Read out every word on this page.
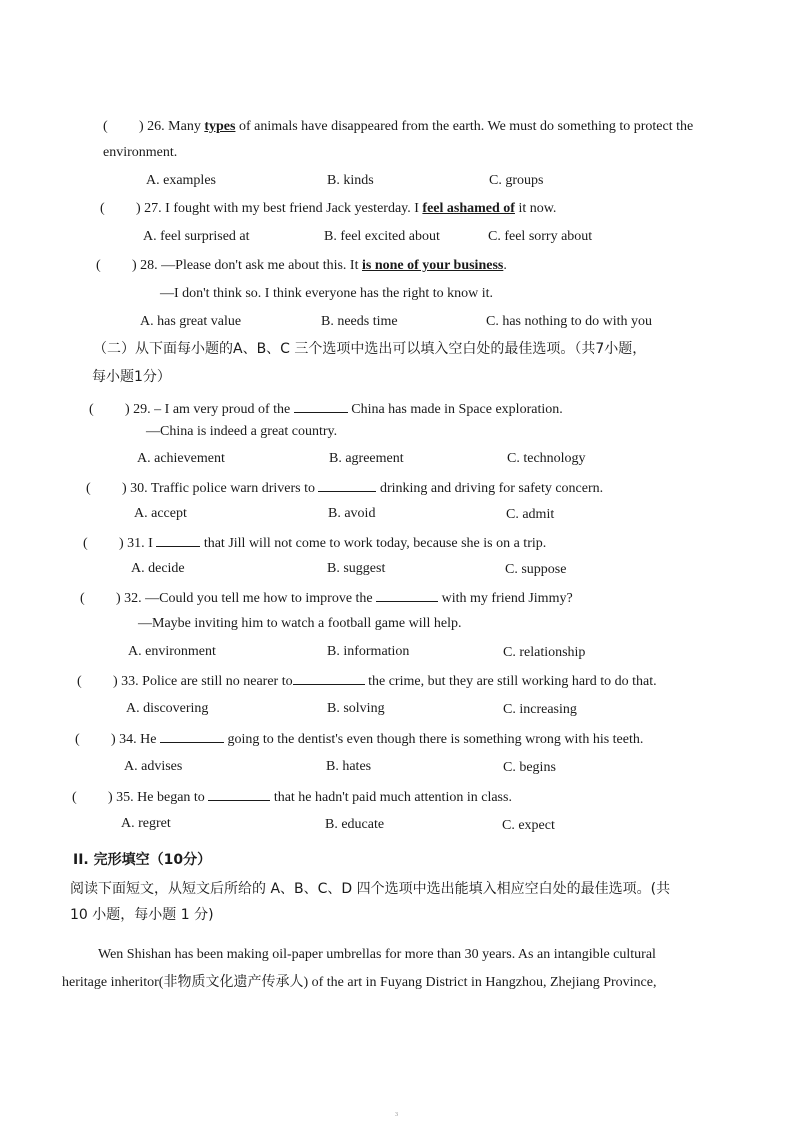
( ) 26. Many types of animals have disappeared from the earth. We must do something to protect the
environment.
A. examples	B. kinds	C. groups
( ) 27. I fought with my best friend Jack yesterday. I feel ashamed of it now.
A. feel surprised at	B. feel excited about	C. feel sorry about
( ) 28. —Please don't ask me about this. It is none of your business.
—I don't think so. I think everyone has the right to know it.
A. has great value	B. needs time	C. has nothing to do with you
（二）从下面每小题的A、B、C 三个选项中选出可以填入空白处的最佳选项。（共7小题，
每小题1分）
( ) 29. – I am very proud of the	China has made in Space exploration.
—China is indeed a great country.
A. achievement	B. agreement	C. technology
( ) 30. Traffic police warn drivers to	drinking and driving for safety concern.
A. accept	B. avoid	C. admit
( ) 31. I	that Jill will not come to work today, because she is on a trip.
A. decide	B. suggest	C. suppose
( ) 32. —Could you tell me how to improve the	with my friend Jimmy?
—Maybe inviting him to watch a football game will help.
A. environment	B. information	C. relationship
( ) 33. Police are still no nearer to	the crime, but they are still working hard to do that.
A. discovering	B. solving	C. increasing
( ) 34. He	going to the dentist's even though there is something wrong with his teeth.
A. advises	B. hates	C. begins
( ) 35. He began to	that he hadn't paid much attention in class.
A. regret	B. educate	C. expect
II. 完形填空（10分）
阅读下面短文，从短文后所给的 A、B、C、D 四个选项中选出能填入相应空白处的最佳选项。(共
10 小题，每小题 1 分)
Wen Shishan has been making oil-paper umbrellas for more than 30 years. As an intangible cultural
heritage inheritor(非物质文化遗产传承人) of the art in Fuyang District in Hangzhou, Zhejiang Province,
3
